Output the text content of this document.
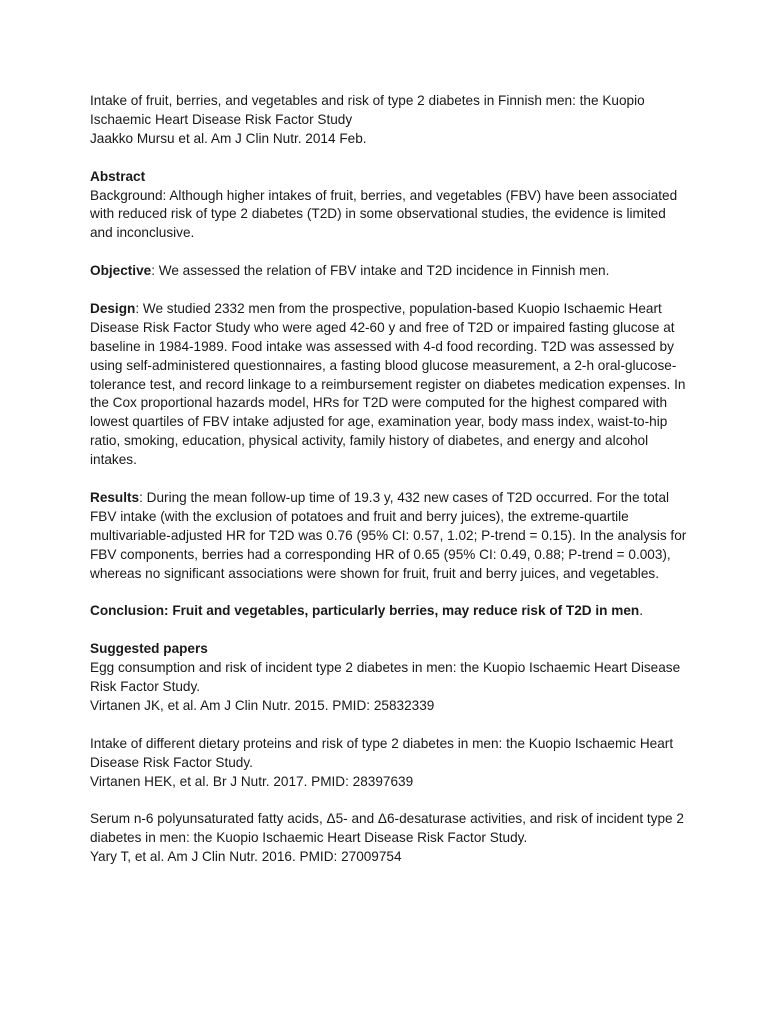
Intake of fruit, berries, and vegetables and risk of type 2 diabetes in Finnish men: the Kuopio Ischaemic Heart Disease Risk Factor Study

Jaakko Mursu et al. Am J Clin Nutr. 2014 Feb.

Abstract

Background: Although higher intakes of fruit, berries, and vegetables (FBV) have been associated with reduced risk of type 2 diabetes (T2D) in some observational studies, the evidence is limited and inconclusive.

Objective: We assessed the relation of FBV intake and T2D incidence in Finnish men.

Design: We studied 2332 men from the prospective, population-based Kuopio Ischaemic Heart Disease Risk Factor Study who were aged 42-60 y and free of T2D or impaired fasting glucose at baseline in 1984-1989. Food intake was assessed with 4-d food recording. T2D was assessed by using self-administered questionnaires, a fasting blood glucose measurement, a 2-h oral-glucose-tolerance test, and record linkage to a reimbursement register on diabetes medication expenses. In the Cox proportional hazards model, HRs for T2D were computed for the highest compared with lowest quartiles of FBV intake adjusted for age, examination year, body mass index, waist-to-hip ratio, smoking, education, physical activity, family history of diabetes, and energy and alcohol intakes.

Results: During the mean follow-up time of 19.3 y, 432 new cases of T2D occurred. For the total FBV intake (with the exclusion of potatoes and fruit and berry juices), the extreme-quartile multivariable-adjusted HR for T2D was 0.76 (95% CI: 0.57, 1.02; P-trend = 0.15). In the analysis for FBV components, berries had a corresponding HR of 0.65 (95% CI: 0.49, 0.88; P-trend = 0.003), whereas no significant associations were shown for fruit, fruit and berry juices, and vegetables.

Conclusion: Fruit and vegetables, particularly berries, may reduce risk of T2D in men.

Suggested papers

Egg consumption and risk of incident type 2 diabetes in men: the Kuopio Ischaemic Heart Disease Risk Factor Study.

Virtanen JK, et al. Am J Clin Nutr. 2015. PMID: 25832339

Intake of different dietary proteins and risk of type 2 diabetes in men: the Kuopio Ischaemic Heart Disease Risk Factor Study.

Virtanen HEK, et al. Br J Nutr. 2017. PMID: 28397639

Serum n-6 polyunsaturated fatty acids, Δ5- and Δ6-desaturase activities, and risk of incident type 2 diabetes in men: the Kuopio Ischaemic Heart Disease Risk Factor Study.

Yary T, et al. Am J Clin Nutr. 2016. PMID: 27009754
